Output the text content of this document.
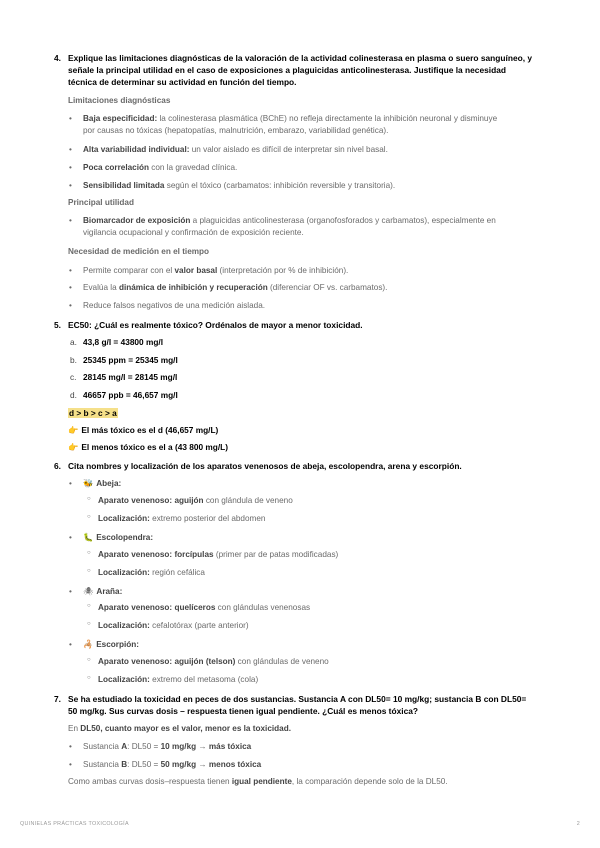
4. Explique las limitaciones diagnósticas de la valoración de la actividad colinesterasa en plasma o suero sanguíneo, y
señale la principal utilidad en el caso de exposiciones a plaguicidas anticolinesterasa. Justifique la necesidad
técnica de determinar su actividad en función del tiempo.
Limitaciones diagnósticas
• Baja especificidad: la colinesterasa plasmática (BChE) no refleja directamente la inhibición neuronal y disminuye
por causas no tóxicas (hepatopatías, malnutrición, embarazo, variabilidad genética).
• Alta variabilidad individual: un valor aislado es difícil de interpretar sin nivel basal.
• Poca correlación con la gravedad clínica.
• Sensibilidad limitada según el tóxico (carbamatos: inhibición reversible y transitoria).
Principal utilidad
• Biomarcador de exposición a plaguicidas anticolinesterasa (organofosforados y carbamatos), especialmente en
vigilancia ocupacional y confirmación de exposición reciente.
Necesidad de medición en el tiempo
• Permite comparar con el valor basal (interpretación por % de inhibición).
• Evalúa la dinámica de inhibición y recuperación (diferenciar OF vs. carbamatos).
• Reduce falsos negativos de una medición aislada.
5. EC50: ¿Cuál es realmente tóxico? Ordénalos de mayor a menor toxicidad.
a. 43,8 g/l = 43800 mg/l
b. 25345 ppm = 25345 mg/l
c. 28145 mg/l = 28145 mg/l
d. 46657 ppb = 46,657 mg/l
d > b > c > a
👉 El más tóxico es el d (46,657 mg/L)
👉 El menos tóxico es el a (43 800 mg/L)
6. Cita nombres y localización de los aparatos venenosos de abeja, escolopendra, arena y escorpión.
• 🐝 Abeja:
○ Aparato venenoso: aguijón con glándula de veneno
○ Localización: extremo posterior del abdomen
• 🐛 Escolopendra:
○ Aparato venenoso: forcípulas (primer par de patas modificadas)
○ Localización: región cefálica
• 🕷 Araña:
○ Aparato venenoso: quelíceros con glándulas venenosas
○ Localización: cefalotórax (parte anterior)
• 🦂 Escorpión:
○ Aparato venenoso: aguijón (telson) con glándulas de veneno
○ Localización: extremo del metasoma (cola)
7. Se ha estudiado la toxicidad en peces de dos sustancias. Sustancia A con DL50= 10 mg/kg; sustancia B con DL50=
50 mg/kg. Sus curvas dosis – respuesta tienen igual pendiente. ¿Cuál es menos tóxica?
En DL50, cuanto mayor es el valor, menor es la toxicidad.
• Sustancia A: DL50 = 10 mg/kg → más tóxica
• Sustancia B: DL50 = 50 mg/kg → menos tóxica
Como ambas curvas dosis–respuesta tienen igual pendiente, la comparación depende solo de la DL50.
QUINIELAS PRÁCTICAS TOXICOLOGÍA	2
